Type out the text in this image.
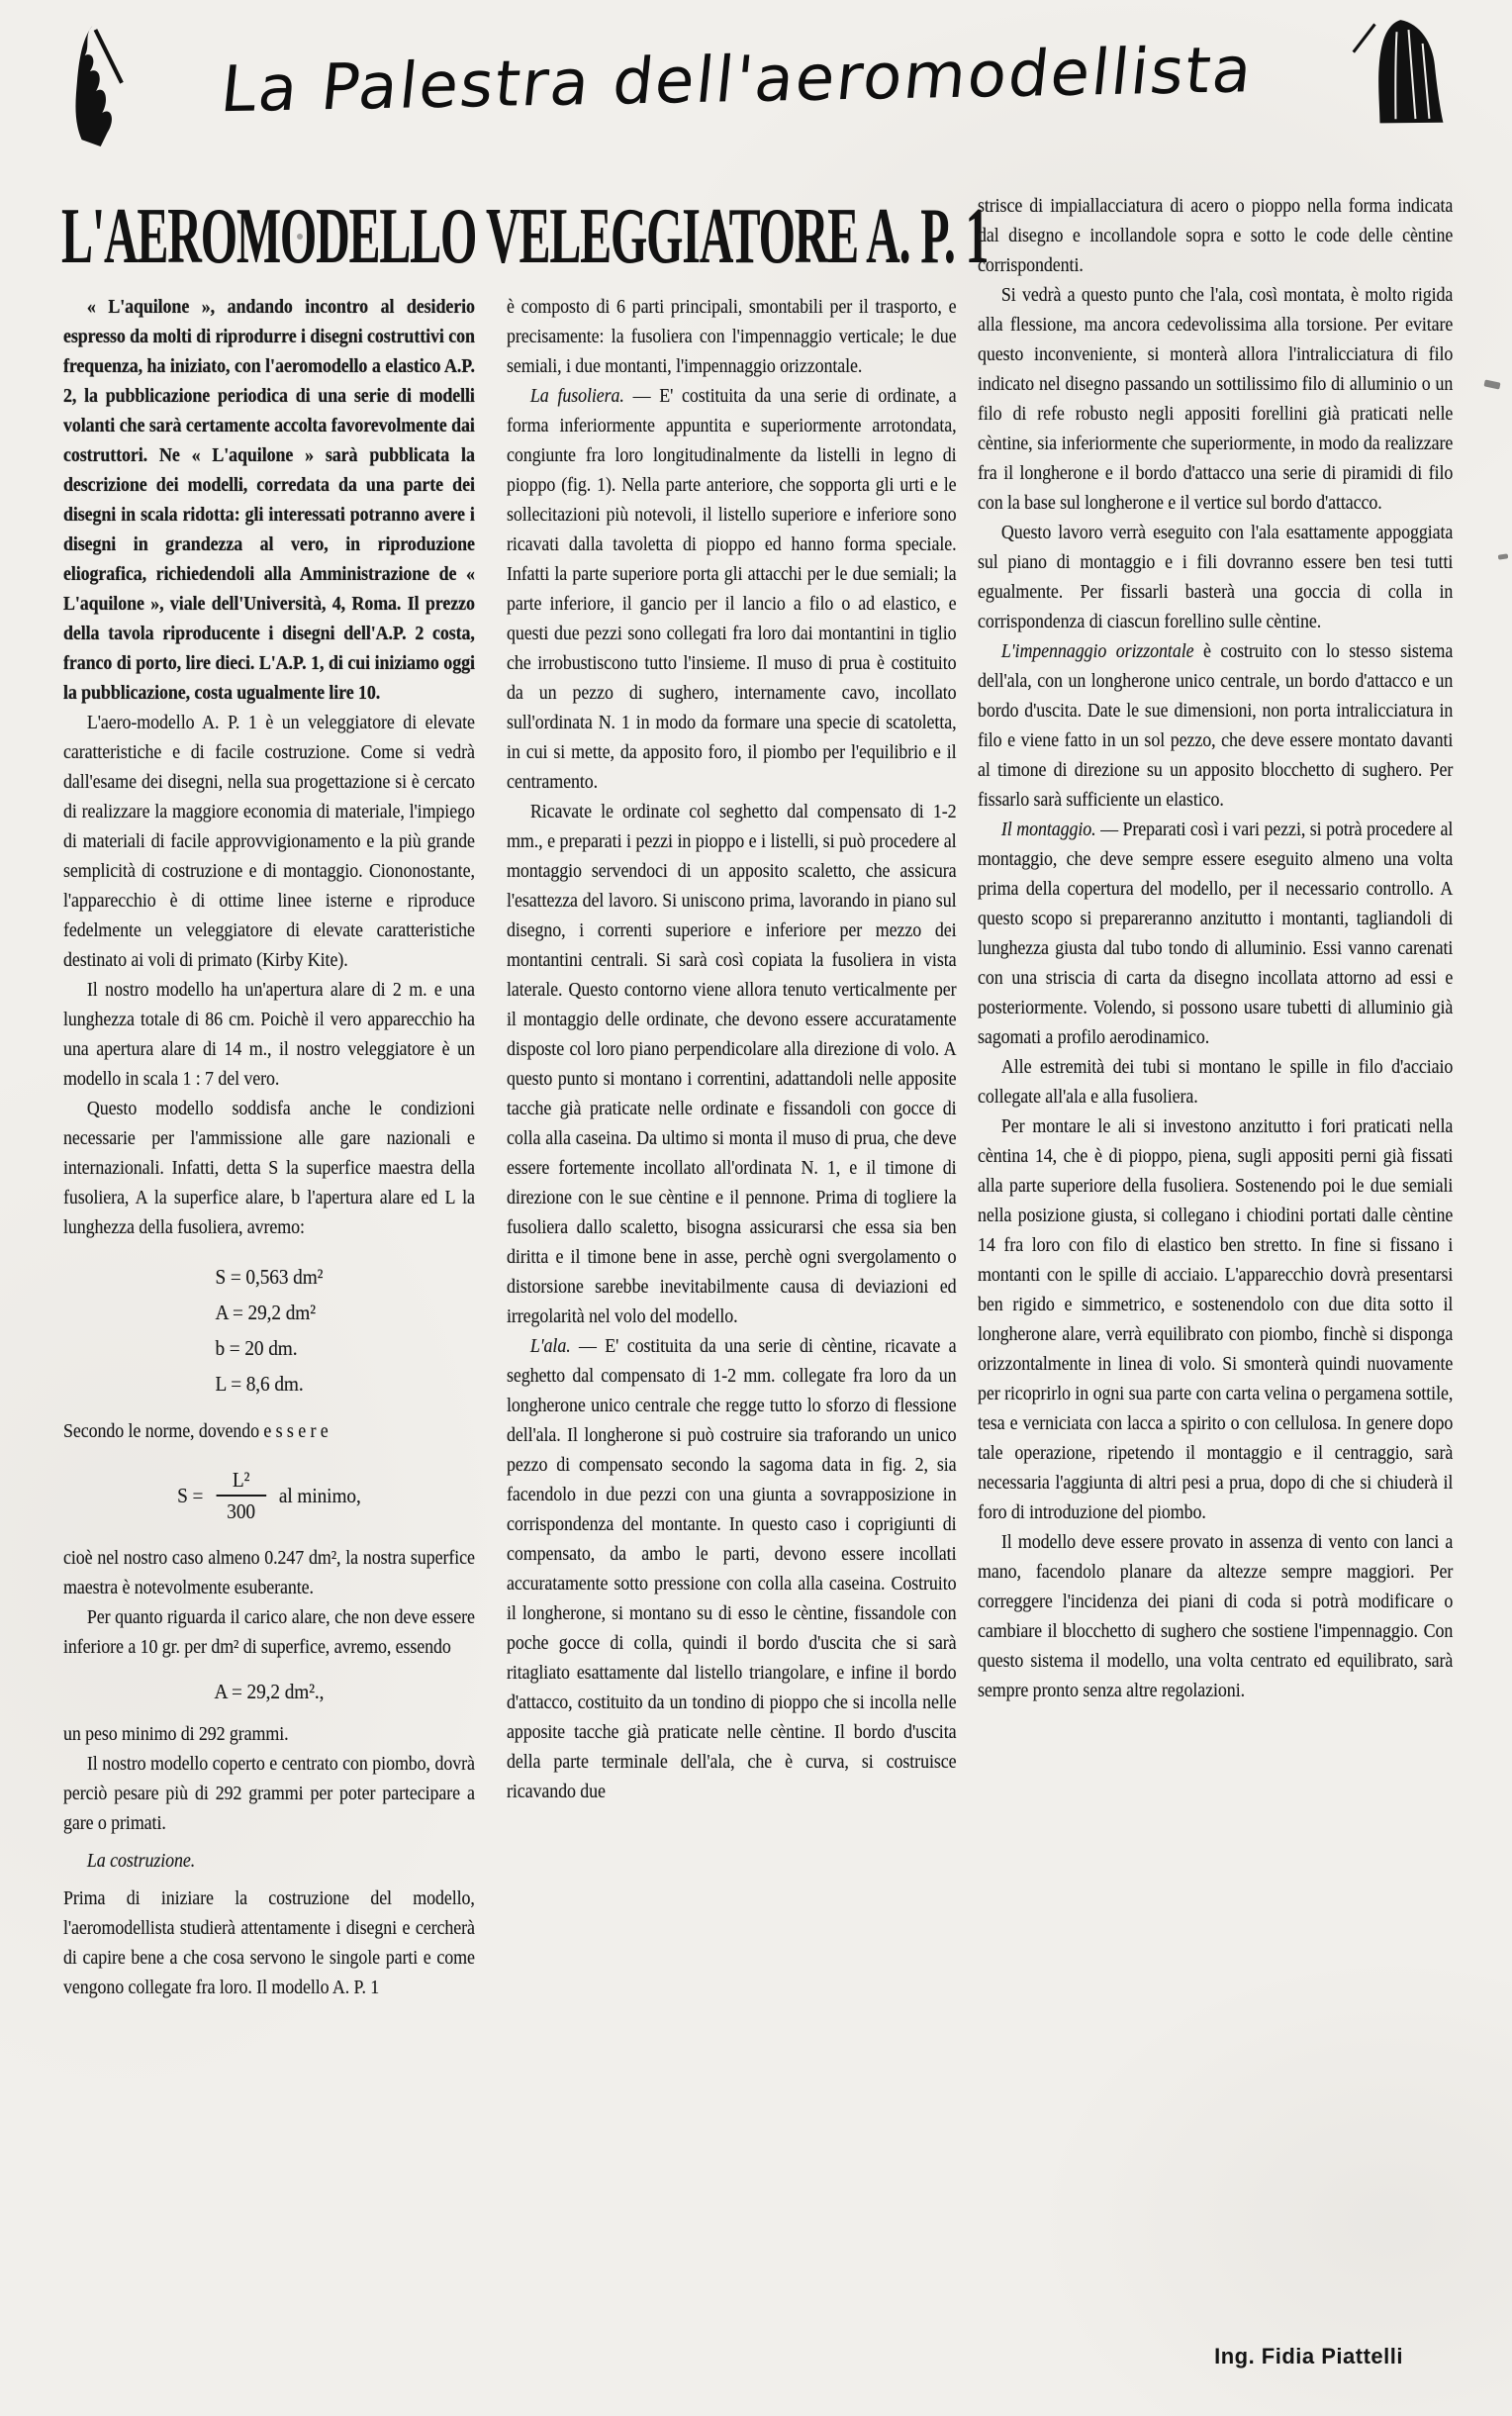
La Palestra dell'aeromodellista
L'AEROMODELLO VELEGGIATORE A. P. 1

« L'aquilone », andando incontro al desiderio espresso da molti di riprodurre i disegni costruttivi con frequenza, ha iniziato, con l'aeromodello a elastico A.P. 2, la pubblicazione periodica di una serie di modelli volanti che sarà certamente accolta favorevolmente dai costruttori. Ne « L'aquilone » sarà pubblicata la descrizione dei modelli, corredata da una parte dei disegni in scala ridotta: gli interessati potranno avere i disegni in grandezza al vero, in riproduzione eliografica, richiedendoli alla Amministrazione de « L'aquilone », viale dell'Università, 4, Roma. Il prezzo della tavola riproducente i disegni dell'A.P. 2 costa, franco di porto, lire dieci. L'A.P. 1, di cui iniziamo oggi la pubblicazione, costa ugualmente lire 10.

L'aero-modello A. P. 1 è un veleggiatore di elevate caratteristiche e di facile costruzione. Come si vedrà dall'esame dei disegni, nella sua progettazione si è cercato di realizzare la maggiore economia di materiale, l'impiego di materiali di facile approvvigionamento e la più grande semplicità di costruzione e di montaggio. Ciononostante, l'apparecchio è di ottime linee isterne e riproduce fedelmente un veleggiatore di elevate caratteristiche destinato ai voli di primato (Kirby Kite).

Il nostro modello ha un'apertura alare di 2 m. e una lunghezza totale di 86 cm. Poichè il vero apparecchio ha una apertura alare di 14 m., il nostro veleggiatore è un modello in scala 1 : 7 del vero.

Questo modello soddisfa anche le condizioni necessarie per l'ammissione alle gare nazionali e internazionali. Infatti, detta S la superfice maestra della fusoliera, A la superfice alare, b l'apertura alare ed L la lunghezza della fusoliera, avremo:

S = 0,563 dm²
A = 29,2 dm²
b = 20 dm.
L = 8,6 dm.

Secondo le norme, dovendo e s s e r e

$S = \frac{\text{L²}}{300}$ al minimo,

cioè nel nostro caso almeno 0.247 dm², la nostra superfice maestra è notevolmente esuberante.

Per quanto riguarda il carico alare, che non deve essere inferiore a 10 gr. per dm² di superfice, avremo, essendo

A = 29,2 dm².,

un peso minimo di 292 grammi.

Il nostro modello coperto e centrato con piombo, dovrà perciò pesare più di 292 grammi per poter partecipare a gare o primati.

La costruzione.

Prima di iniziare la costruzione del modello, l'aeromodellista studierà attentamente i disegni e cercherà di capire bene a che cosa servono le singole parti e come vengono collegate fra loro. Il modello A. P. 1

è composto di 6 parti principali, smontabili per il trasporto, e precisamente: la fusoliera con l'impennaggio verticale; le due semiali, i due montanti, l'impennaggio orizzontale.

La fusoliera. — E' costituita da una serie di ordinate, a forma inferiormente appuntita e superiormente arrotondata, congiunte fra loro longitudinalmente da listelli in legno di pioppo (fig. 1). Nella parte anteriore, che sopporta gli urti e le sollecitazioni più notevoli, il listello superiore e inferiore sono ricavati dalla tavoletta di pioppo ed hanno forma speciale. Infatti la parte superiore porta gli attacchi per le due semiali; la parte inferiore, il gancio per il lancio a filo o ad elastico, e questi due pezzi sono collegati fra loro dai montantini in tiglio che irrobustiscono tutto l'insieme. Il muso di prua è costituito da un pezzo di sughero, internamente cavo, incollato sull'ordinata N. 1 in modo da formare una specie di scatoletta, in cui si mette, da apposito foro, il piombo per l'equilibrio e il centramento.

Ricavate le ordinate col seghetto dal compensato di 1-2 mm., e preparati i pezzi in pioppo e i listelli, si può procedere al montaggio servendoci di un apposito scaletto, che assicura l'esattezza del lavoro. Si uniscono prima, lavorando in piano sul disegno, i correnti superiore e inferiore per mezzo dei montantini centrali. Si sarà così copiata la fusoliera in vista laterale. Questo contorno viene allora tenuto verticalmente per il montaggio delle ordinate, che devono essere accuratamente disposte col loro piano perpendicolare alla direzione di volo. A questo punto si montano i correntini, adattandoli nelle apposite tacche già praticate nelle ordinate e fissandoli con gocce di colla alla caseina. Da ultimo si monta il muso di prua, che deve essere fortemente incollato all'ordinata N. 1, e il timone di direzione con le sue cèntine e il pennone. Prima di togliere la fusoliera dallo scaletto, bisogna assicurarsi che essa sia ben diritta e il timone bene in asse, perchè ogni svergolamento o distorsione sarebbe inevitabilmente causa di deviazioni ed irregolarità nel volo del modello.

L'ala. — E' costituita da una serie di cèntine, ricavate a seghetto dal compensato di 1-2 mm. collegate fra loro da un longherone unico centrale che regge tutto lo sforzo di flessione dell'ala. Il longherone si può costruire sia traforando un unico pezzo di compensato secondo la sagoma data in fig. 2, sia facendolo in due pezzi con una giunta a sovrapposizione in corrispondenza del montante. In questo caso i coprigiunti di compensato, da ambo le parti, devono essere incollati accuratamente sotto pressione con colla alla caseina. Costruito il longherone, si montano su di esso le cèntine, fissandole con poche gocce di colla, quindi il bordo d'uscita che si sarà ritagliato esattamente dal listello triangolare, e infine il bordo d'attacco, costituito da un tondino di pioppo che si incolla nelle apposite tacche già praticate nelle cèntine. Il bordo d'uscita della parte terminale dell'ala, che è curva, si costruisce ricavando due

strisce di impiallacciatura di acero o pioppo nella forma indicata dal disegno e incollandole sopra e sotto le code delle cèntine corrispondenti.

Si vedrà a questo punto che l'ala, così montata, è molto rigida alla flessione, ma ancora cedevolissima alla torsione. Per evitare questo inconveniente, si monterà allora l'intralicciatura di filo indicato nel disegno passando un sottilissimo filo di alluminio o un filo di refe robusto negli appositi forellini già praticati nelle cèntine, sia inferiormente che superiormente, in modo da realizzare fra il longherone e il bordo d'attacco una serie di piramidi di filo con la base sul longherone e il vertice sul bordo d'attacco.

Questo lavoro verrà eseguito con l'ala esattamente appoggiata sul piano di montaggio e i fili dovranno essere ben tesi tutti egualmente. Per fissarli basterà una goccia di colla in corrispondenza di ciascun forellino sulle cèntine.

L'impennaggio orizzontale è costruito con lo stesso sistema dell'ala, con un longherone unico centrale, un bordo d'attacco e un bordo d'uscita. Date le sue dimensioni, non porta intralicciatura in filo e viene fatto in un sol pezzo, che deve essere montato davanti al timone di direzione su un apposito blocchetto di sughero. Per fissarlo sarà sufficiente un elastico.

Il montaggio. — Preparati così i vari pezzi, si potrà procedere al montaggio, che deve sempre essere eseguito almeno una volta prima della copertura del modello, per il necessario controllo. A questo scopo si prepareranno anzitutto i montanti, tagliandoli di lunghezza giusta dal tubo tondo di alluminio. Essi vanno carenati con una striscia di carta da disegno incollata attorno ad essi e posteriormente. Volendo, si possono usare tubetti di alluminio già sagomati a profilo aerodinamico.

Alle estremità dei tubi si montano le spille in filo d'acciaio collegate all'ala e alla fusoliera.

Per montare le ali si investono anzitutto i fori praticati nella cèntina 14, che è di pioppo, piena, sugli appositi perni già fissati alla parte superiore della fusoliera. Sostenendo poi le due semiali nella posizione giusta, si collegano i chiodini portati dalle cèntine 14 fra loro con filo di elastico ben stretto. In fine si fissano i montanti con le spille di acciaio. L'apparecchio dovrà presentarsi ben rigido e simmetrico, e sostenendolo con due dita sotto il longherone alare, verrà equilibrato con piombo, finchè si disponga orizzontalmente in linea di volo. Si smonterà quindi nuovamente per ricoprirlo in ogni sua parte con carta velina o pergamena sottile, tesa e verniciata con lacca a spirito o con cellulosa. In genere dopo tale operazione, ripetendo il montaggio e il centraggio, sarà necessaria l'aggiunta di altri pesi a prua, dopo di che si chiuderà il foro di introduzione del piombo.

Il modello deve essere provato in assenza di vento con lanci a mano, facendolo planare da altezze sempre maggiori. Per correggere l'incidenza dei piani di coda si potrà modificare o cambiare il blocchetto di sughero che sostiene l'impennaggio. Con questo sistema il modello, una volta centrato ed equilibrato, sarà sempre pronto senza altre regolazioni.

Ing. Fidia Piattelli
